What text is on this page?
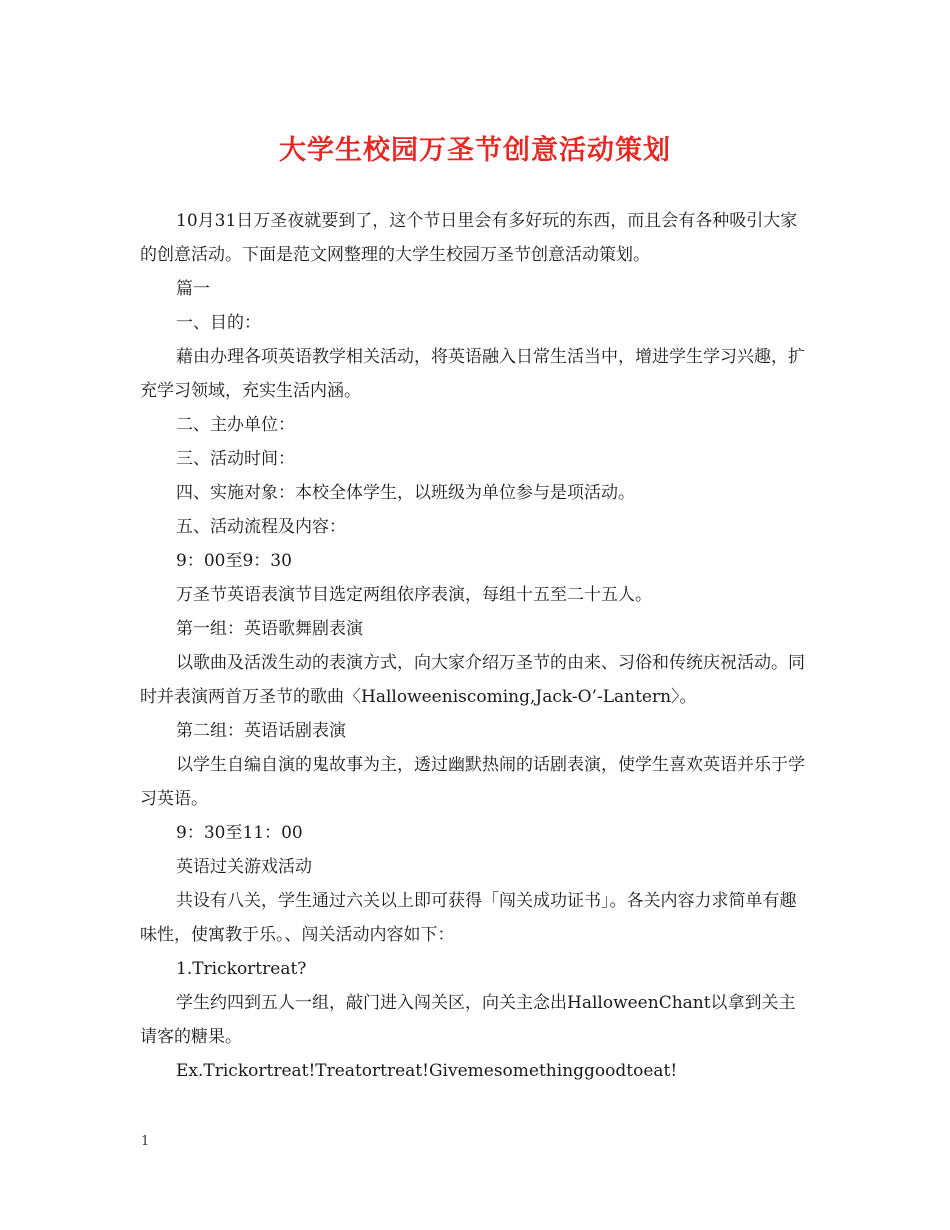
大学生校园万圣节创意活动策划

10月31日万圣夜就要到了，这个节日里会有多好玩的东西，而且会有各种吸引大家的创意活动。下面是范文网整理的大学生校园万圣节创意活动策划。

篇一

一、目的：

藉由办理各项英语教学相关活动，将英语融入日常生活当中，增进学生学习兴趣，扩充学习领域，充实生活内涵。

二、主办单位：

三、活动时间：

四、实施对象：本校全体学生，以班级为单位参与是项活动。

五、活动流程及内容：

9：00至9：30

万圣节英语表演节目选定两组依序表演，每组十五至二十五人。

第一组：英语歌舞剧表演

以歌曲及活泼生动的表演方式，向大家介绍万圣节的由来、习俗和传统庆祝活动。同时并表演两首万圣节的歌曲〈Halloweeniscoming,Jack-O’-Lantern〉。

第二组：英语话剧表演

以学生自编自演的鬼故事为主，透过幽默热闹的话剧表演，使学生喜欢英语并乐于学习英语。

9：30至11：00

英语过关游戏活动

共设有八关，学生通过六关以上即可获得「闯关成功证书」。各关内容力求简单有趣味性，使寓教于乐。、闯关活动内容如下：

1.Trickortreat?

学生约四到五人一组，敲门进入闯关区，向关主念出HalloweenChant以拿到关主请客的糖果。

Ex.Trickortreat!Treatortreat!Givemesomethinggoodtoeat!

1
